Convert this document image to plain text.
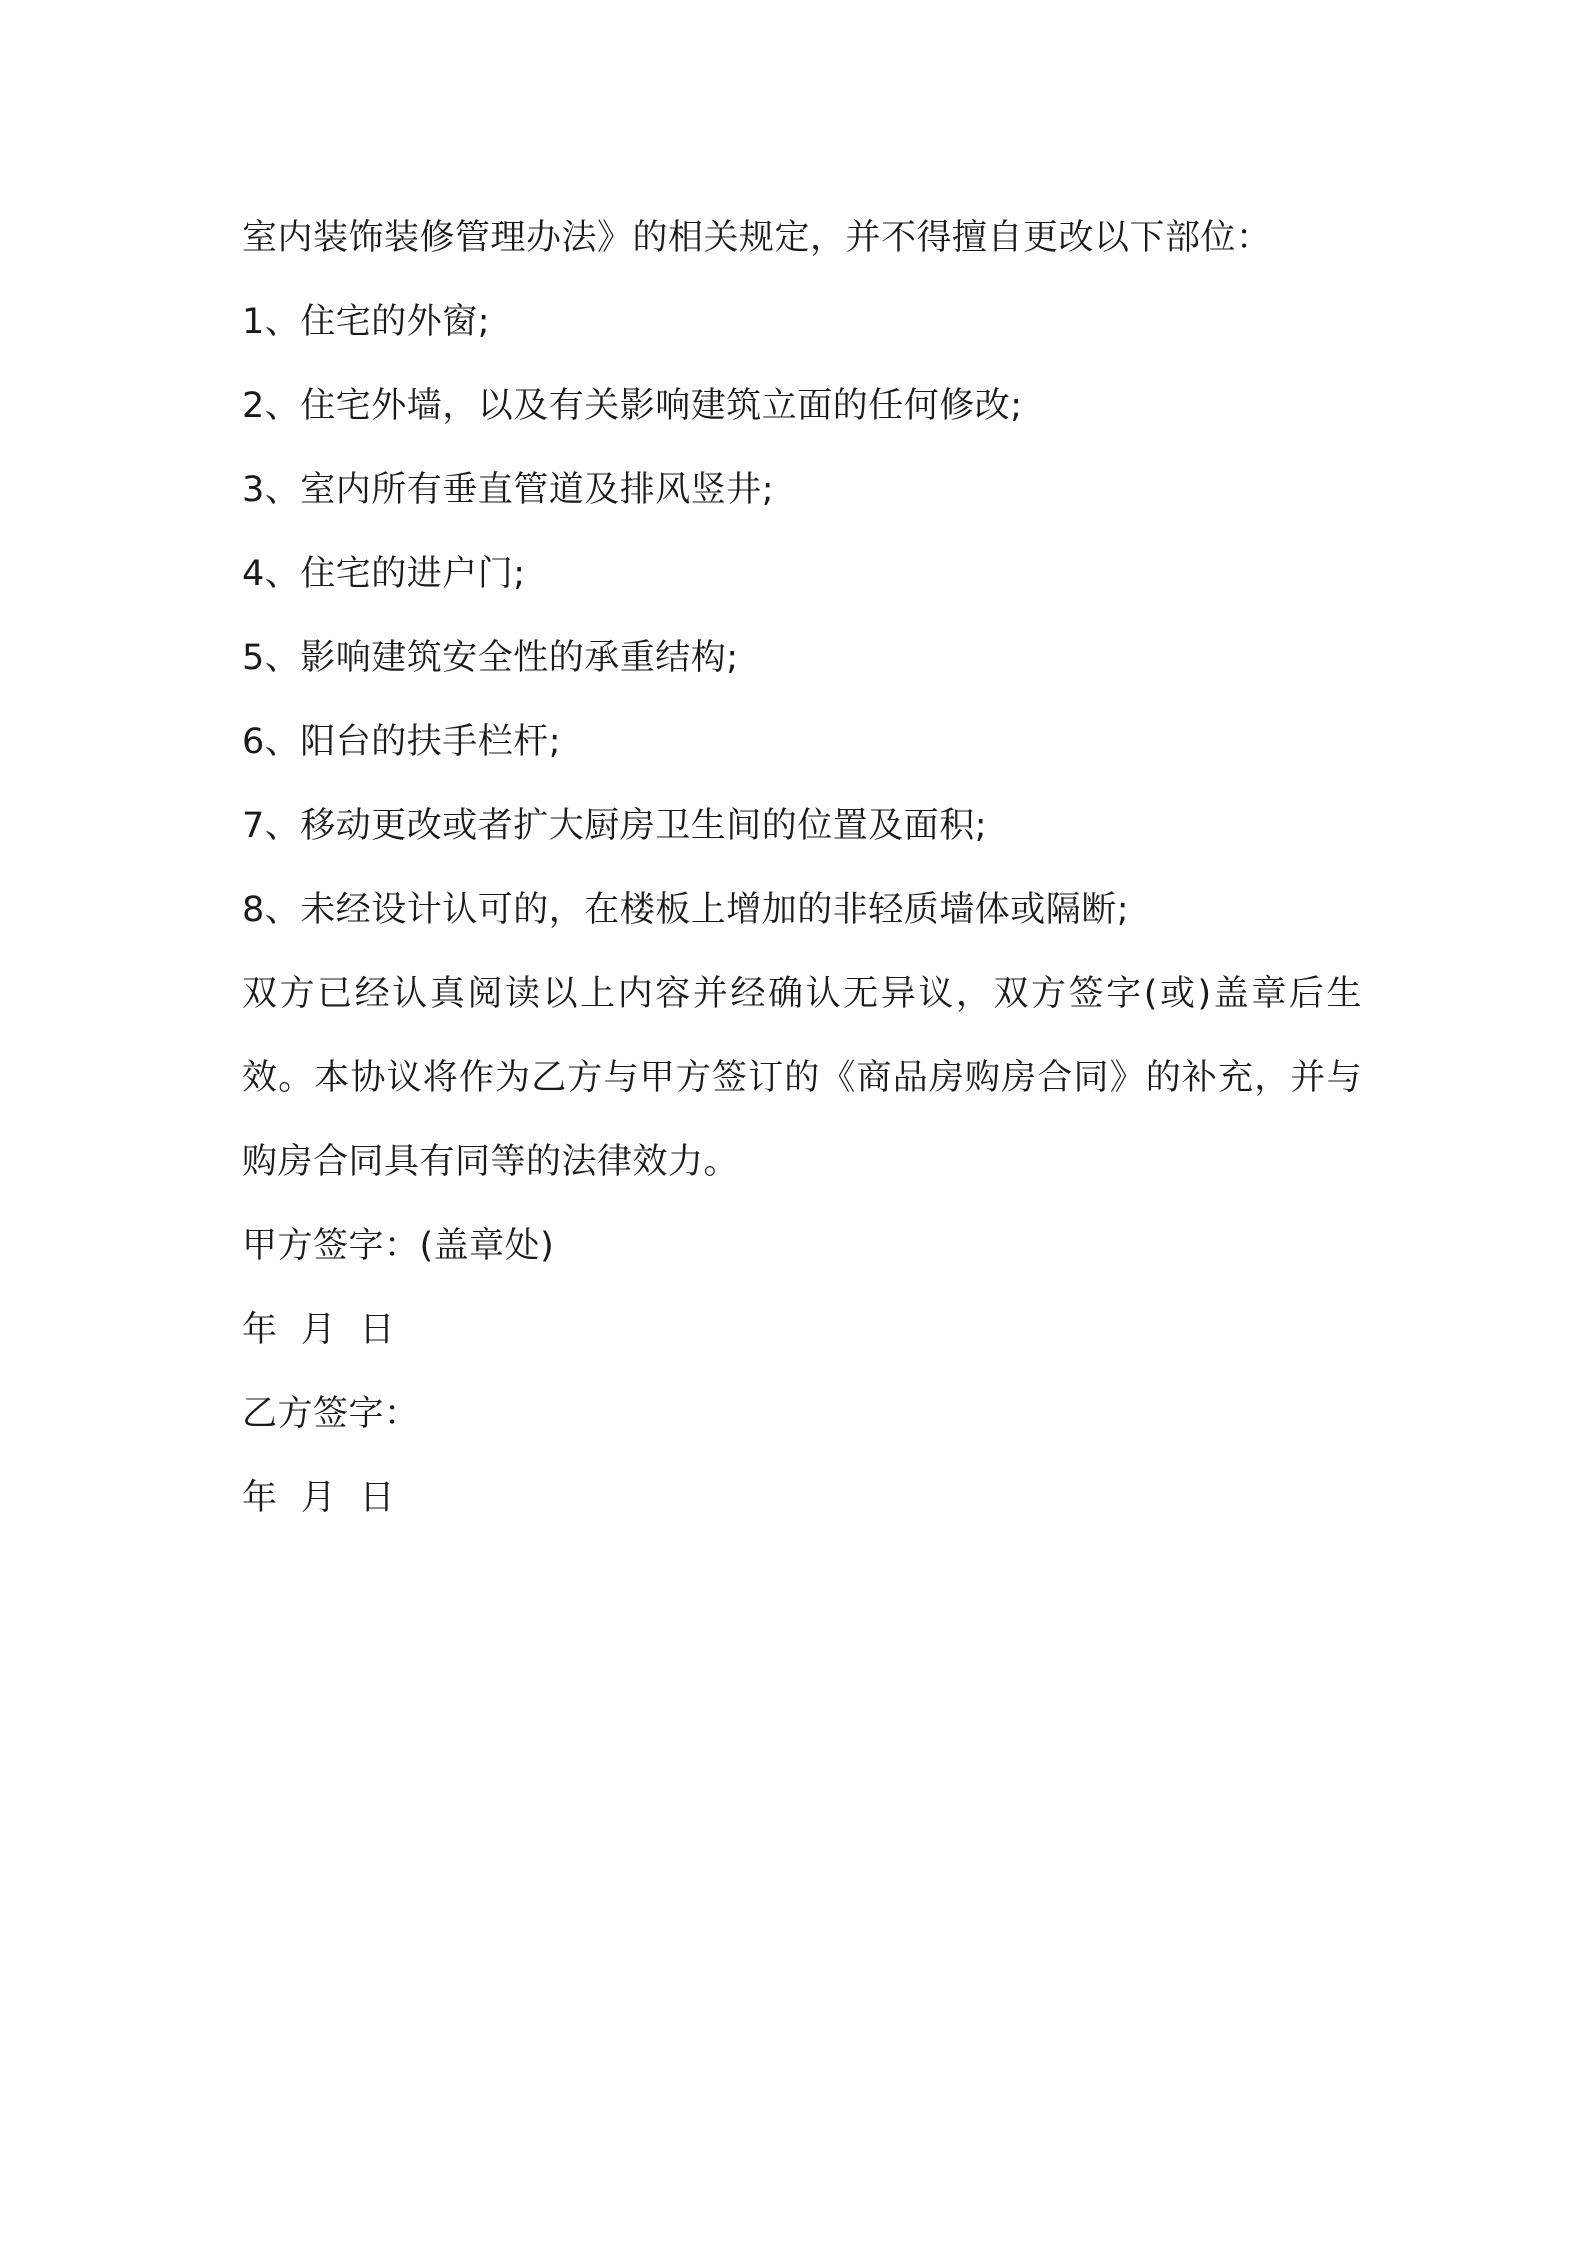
室内装饰装修管理办法》的相关规定，并不得擅自更改以下部位：
1、住宅的外窗;
2、住宅外墙，以及有关影响建筑立面的任何修改;
3、室内所有垂直管道及排风竖井;
4、住宅的进户门;
5、影响建筑安全性的承重结构;
6、阳台的扶手栏杆;
7、移动更改或者扩大厨房卫生间的位置及面积;
8、未经设计认可的，在楼板上增加的非轻质墙体或隔断;
双方已经认真阅读以上内容并经确认无异议，双方签字(或)盖章后生效。本协议将作为乙方与甲方签订的《商品房购房合同》的补充，并与购房合同具有同等的法律效力。
甲方签字：(盖章处)
年  月  日
乙方签字：
年  月  日
